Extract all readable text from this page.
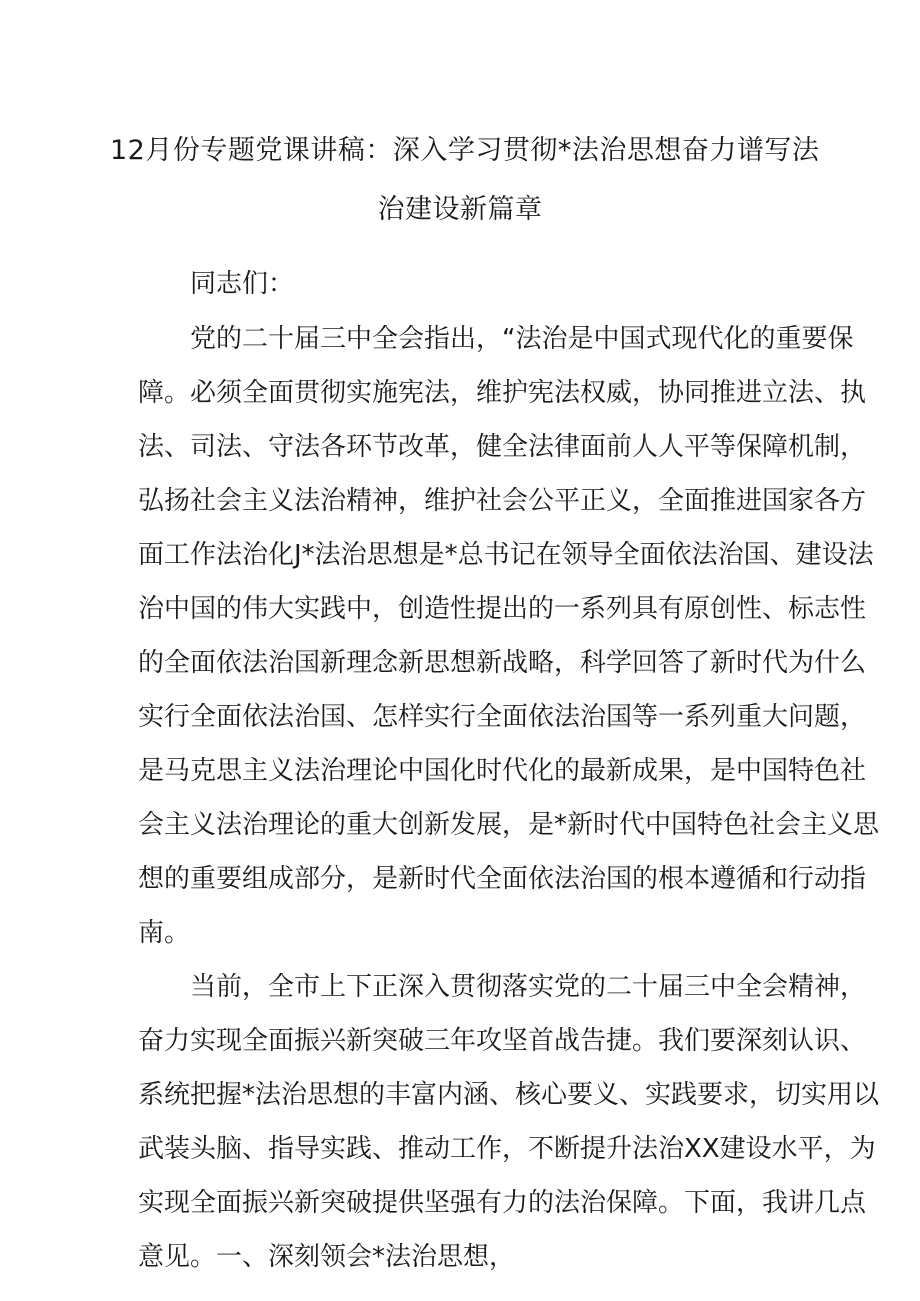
12月份专题党课讲稿：深入学习贯彻*法治思想奋力谱写法
治建设新篇章
同志们：
党的二十届三中全会指出，“法治是中国式现代化的重要保
障。必须全面贯彻实施宪法，维护宪法权威，协同推进立法、执
法、司法、守法各环节改革，健全法律面前人人平等保障机制，
弘扬社会主义法治精神，维护社会公平正义，全面推进国家各方
面工作法治化J*法治思想是*总书记在领导全面依法治国、建设法
治中国的伟大实践中，创造性提出的一系列具有原创性、标志性
的全面依法治国新理念新思想新战略，科学回答了新时代为什么
实行全面依法治国、怎样实行全面依法治国等一系列重大问题，
是马克思主义法治理论中国化时代化的最新成果，是中国特色社
会主义法治理论的重大创新发展，是*新时代中国特色社会主义思
想的重要组成部分，是新时代全面依法治国的根本遵循和行动指
南。
当前，全市上下正深入贯彻落实党的二十届三中全会精神，
奋力实现全面振兴新突破三年攻坚首战告捷。我们要深刻认识、
系统把握*法治思想的丰富内涵、核心要义、实践要求，切实用以
武装头脑、指导实践、推动工作，不断提升法治XX建设水平，为
实现全面振兴新突破提供坚强有力的法治保障。下面，我讲几点
意见。一、深刻领会*法治思想，
